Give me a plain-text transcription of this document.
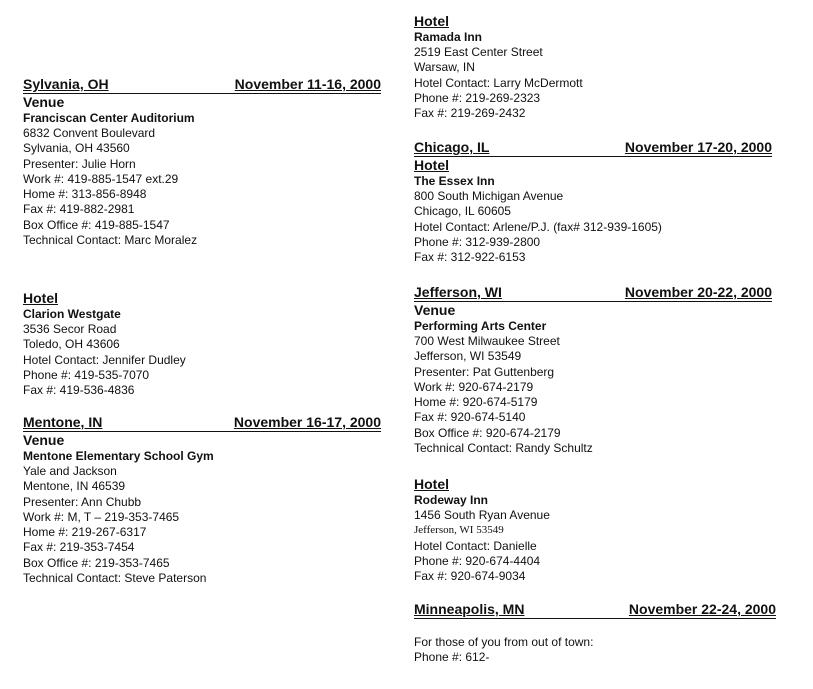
Sylvania, OH	November 11-16, 2000
Venue
Franciscan Center Auditorium
6832 Convent Boulevard
Sylvania, OH 43560
Presenter: Julie Horn
Work #: 419-885-1547 ext.29
Home #: 313-856-8948
Fax #: 419-882-2981
Box Office #: 419-885-1547
Technical Contact: Marc Moralez
Hotel
Clarion Westgate
3536 Secor Road
Toledo, OH 43606
Hotel Contact: Jennifer Dudley
Phone #: 419-535-7070
Fax #: 419-536-4836
Mentone, IN	November 16-17, 2000
Venue
Mentone Elementary School Gym
Yale and Jackson
Mentone, IN 46539
Presenter: Ann Chubb
Work #: M, T – 219-353-7465
Home #: 219-267-6317
Fax #: 219-353-7454
Box Office #: 219-353-7465
Technical Contact: Steve Paterson
Hotel
Ramada Inn
2519 East Center Street
Warsaw, IN
Hotel Contact: Larry McDermott
Phone #: 219-269-2323
Fax #: 219-269-2432
Chicago, IL	November 17-20, 2000
Hotel
The Essex Inn
800 South Michigan Avenue
Chicago, IL 60605
Hotel Contact: Arlene/P.J. (fax# 312-939-1605)
Phone #: 312-939-2800
Fax #: 312-922-6153
Jefferson, WI	November 20-22, 2000
Venue
Performing Arts Center
700 West Milwaukee Street
Jefferson, WI 53549
Presenter: Pat Guttenberg
Work #: 920-674-2179
Home #: 920-674-5179
Fax #: 920-674-5140
Box Office #: 920-674-2179
Technical Contact: Randy Schultz
Hotel
Rodeway Inn
1456 South Ryan Avenue
Jefferson, WI 53549
Hotel Contact: Danielle
Phone #: 920-674-4404
Fax #: 920-674-9034
Minneapolis, MN	November 22-24, 2000
For those of you from out of town:
Phone #: 612-
